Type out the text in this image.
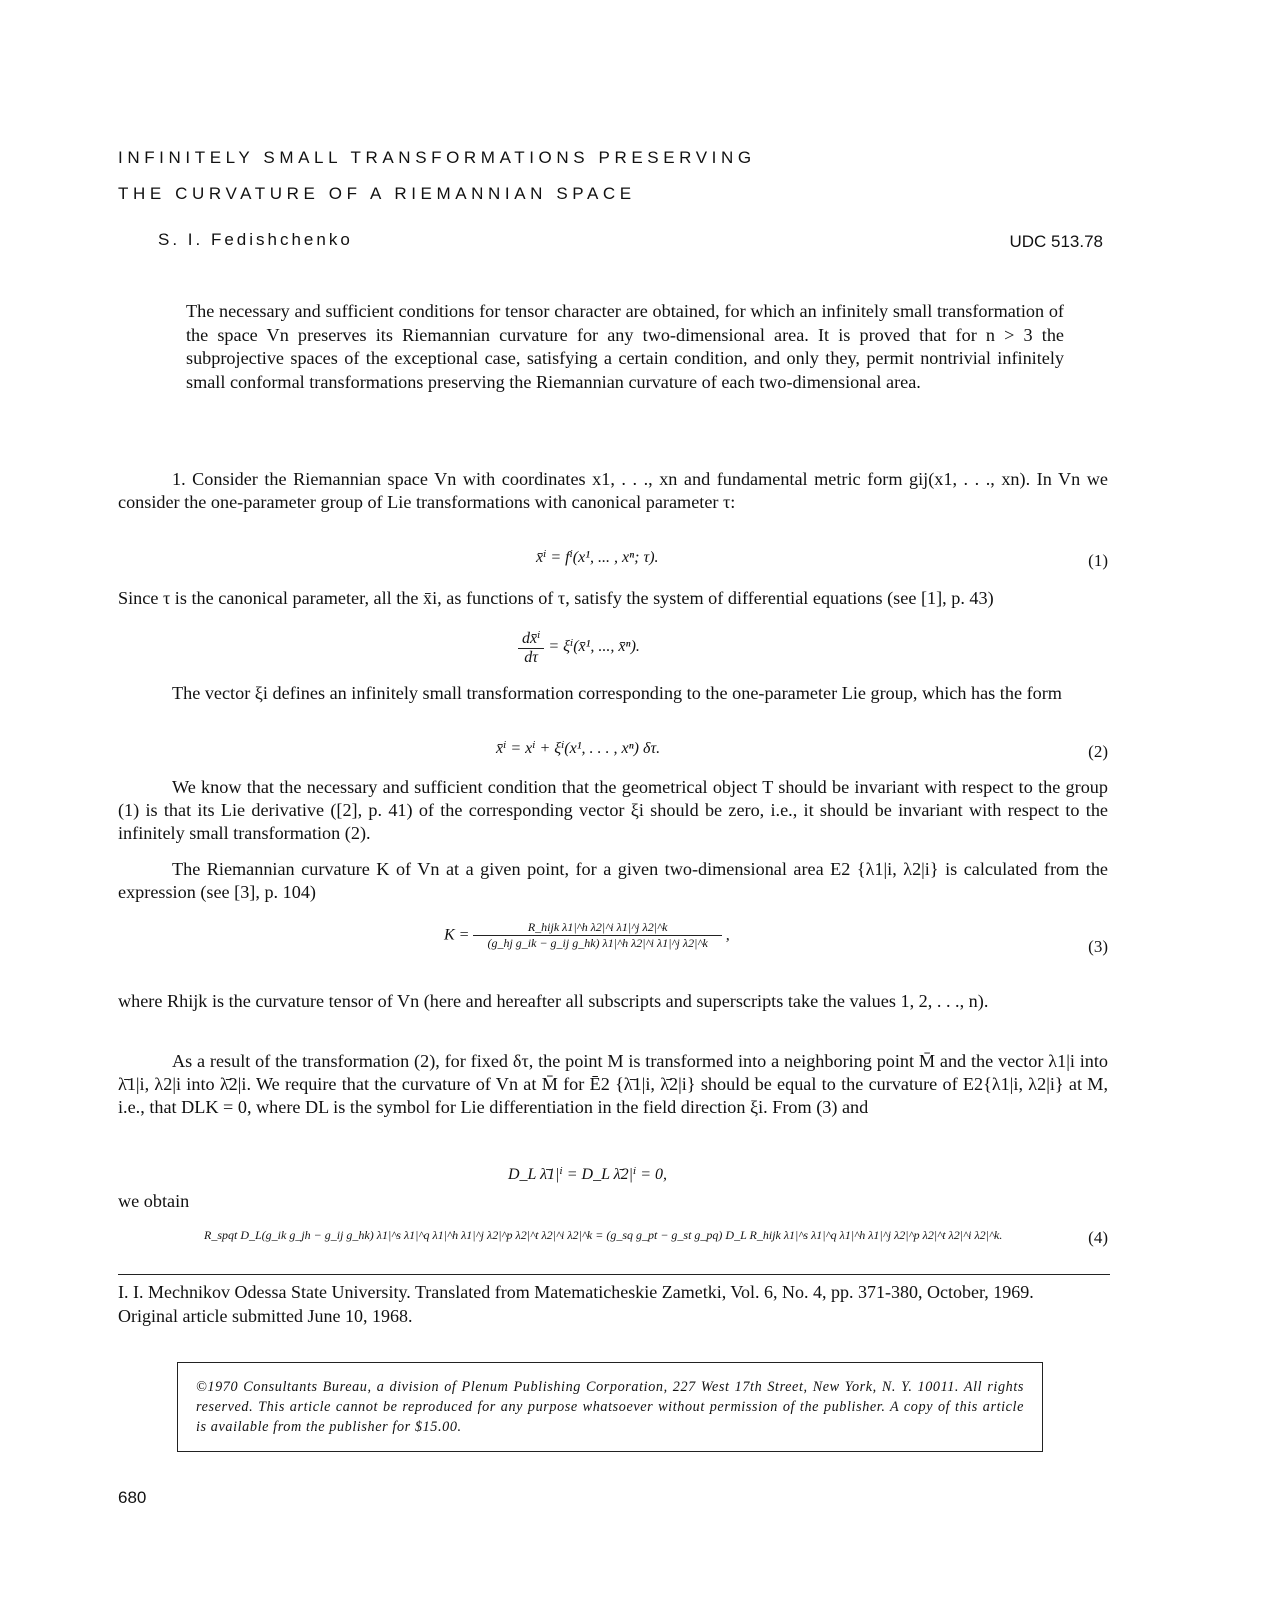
INFINITELY SMALL TRANSFORMATIONS PRESERVING
THE CURVATURE OF A RIEMANNIAN SPACE
S. I. Fedishchenko	UDC 513.78
The necessary and sufficient conditions for tensor character are obtained, for which an infinitely small transformation of the space Vn preserves its Riemannian curvature for any two-dimensional area. It is proved that for n > 3 the subprojective spaces of the exceptional case, satisfying a certain condition, and only they, permit nontrivial infinitely small conformal transformations preserving the Riemannian curvature of each two-dimensional area.
1. Consider the Riemannian space Vn with coordinates x1, . . ., xn and fundamental metric form gij(x1, . . ., xn). In Vn we consider the one-parameter group of Lie transformations with canonical parameter τ:
x̄ⁱ = fⁱ(x¹, ... , xⁿ; τ).	(1)
Since τ is the canonical parameter, all the x̄i, as functions of τ, satisfy the system of differential equations (see [1], p. 43)
$\frac{\text{dx̄ⁱ}}{d\tau}$ = ξⁱ(x̄¹, ..., x̄ⁿ).
The vector ξi defines an infinitely small transformation corresponding to the one-parameter Lie group, which has the form
x̄ⁱ = xⁱ + ξⁱ(x¹, . . . , xⁿ) δτ.	(2)
We know that the necessary and sufficient condition that the geometrical object T should be invariant with respect to the group (1) is that its Lie derivative ([2], p. 41) of the corresponding vector ξi should be zero, i.e., it should be invariant with respect to the infinitely small transformation (2).
The Riemannian curvature K of Vn at a given point, for a given two-dimensional area E2 {λ1|i, λ2|i} is calculated from the expression (see [3], p. 104)
$K = \frac{\text{R\_hijk λ1|\textasciicircum{}h λ2|\textasciicircum{}i λ1|\textasciicircum{}j λ2|\textasciicircum{}k}}{\text{(g\_hj g\_ik − g\_ij g\_hk) λ1|\textasciicircum{}h λ2|\textasciicircum{}i λ1|\textasciicircum{}j λ2|\textasciicircum{}k}}$ ,
(3)
where Rhijk is the curvature tensor of Vn (here and hereafter all subscripts and superscripts take the values 1, 2, . . ., n).
As a result of the transformation (2), for fixed δτ, the point M is transformed into a neighboring point M̄ and the vector λ1|i into λ̄1|i, λ2|i into λ̄2|i. We require that the curvature of Vn at M̄ for Ē2 {λ̄1|i, λ̄2|i} should be equal to the curvature of E2{λ1|i, λ2|i} at M, i.e., that DLK = 0, where DL is the symbol for Lie differentiation in the field direction ξi. From (3) and
D_L λ̄1|ⁱ = D_L λ̄2|ⁱ = 0,
we obtain
R_spqt D_L(g_ik g_jh − g_ij g_hk) λ1|^s λ1|^q λ1|^h λ1|^j λ2|^p λ2|^t λ2|^i λ2|^k = (g_sq g_pt − g_st g_pq) D_L R_hijk λ1|^s λ1|^q λ1|^h λ1|^j λ2|^p λ2|^t λ2|^i λ2|^k.	(4)
I. I. Mechnikov Odessa State University. Translated from Matematicheskie Zametki, Vol. 6, No. 4, pp. 371-380, October, 1969. Original article submitted June 10, 1968.
©1970 Consultants Bureau, a division of Plenum Publishing Corporation, 227 West 17th Street, New York, N. Y. 10011. All rights reserved. This article cannot be reproduced for any purpose whatsoever without permission of the publisher. A copy of this article is available from the publisher for $15.00.
680
